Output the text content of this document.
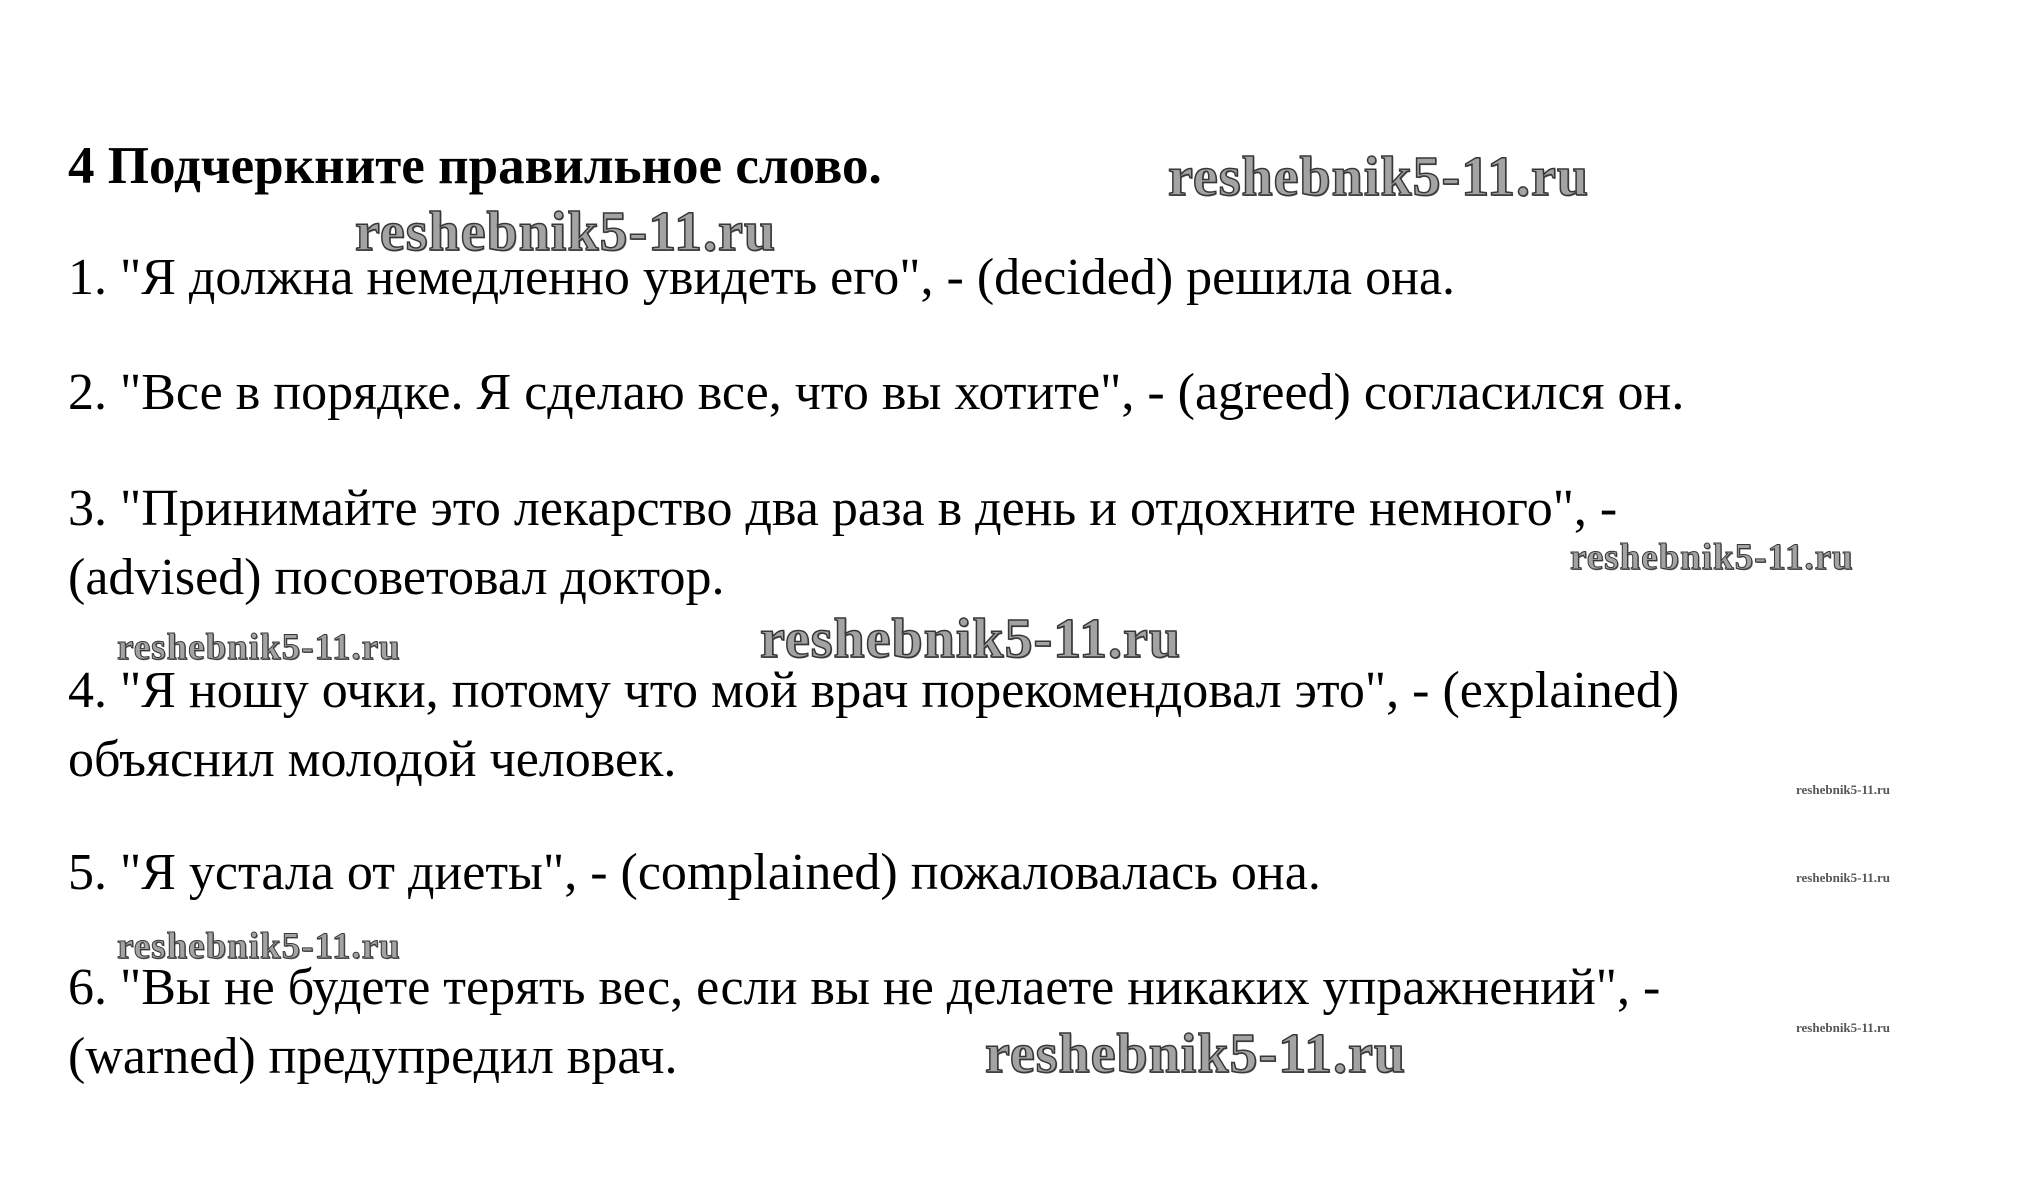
4 Подчеркните правильное слово.
1. "Я должна немедленно увидеть его", - (decided) решила она.
2. "Все в порядке. Я сделаю все, что вы хотите", - (agreed) согласился он.
3. "Принимайте это лекарство два раза в день и отдохните немного", -
(advised) посоветовал доктор.
4. "Я ношу очки, потому что мой врач порекомендовал это", - (explained)
объяснил молодой человек.
5. "Я устала от диеты", - (complained) пожаловалась она.
6. "Вы не будете терять вес, если вы не делаете никаких упражнений", -
(warned) предупредил врач.
reshebnik5-11.ru
reshebnik5-11.ru
reshebnik5-11.ru
reshebnik5-11.ru
reshebnik5-11.ru
reshebnik5-11.ru
reshebnik5-11.ru
reshebnik5-11.ru
reshebnik5-11.ru
reshebnik5-11.ru
